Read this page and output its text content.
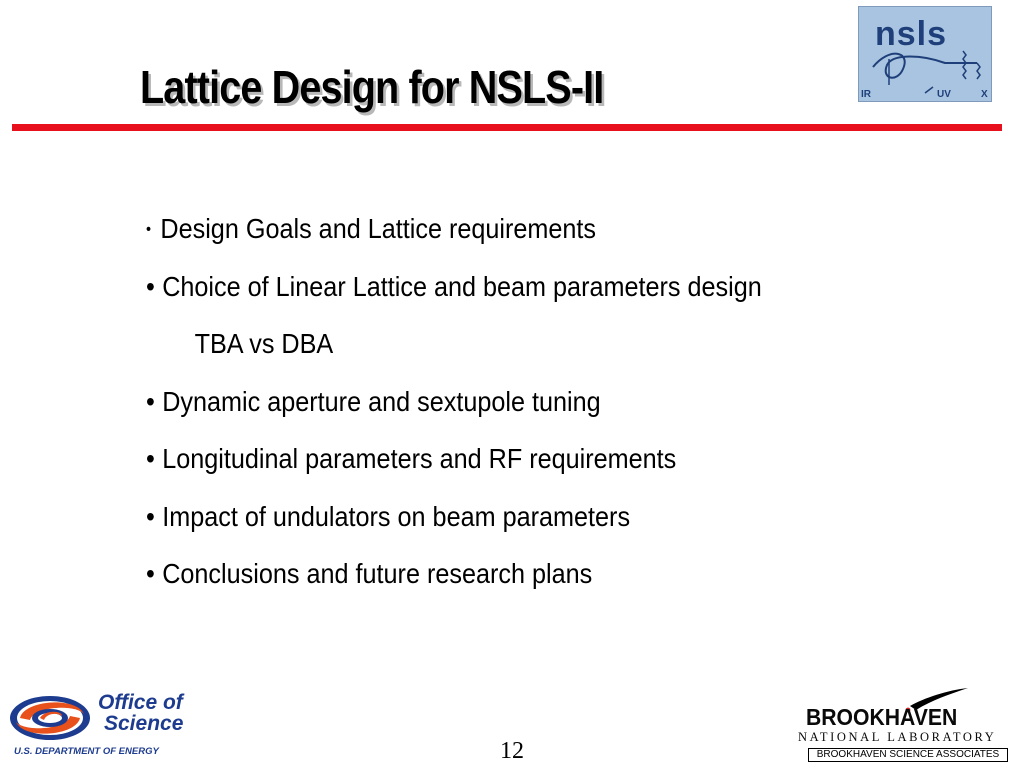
Lattice Design for NSLS-II
nsls
IR	UV	X
• Design Goals and Lattice requirements
• Choice of Linear Lattice and beam parameters design
TBA vs DBA
• Dynamic aperture and sextupole tuning
• Longitudinal parameters and RF requirements
• Impact of undulators on beam parameters
• Conclusions and future research plans
Office of
Science
U.S. DEPARTMENT OF ENERGY	12
BROOKHAVEN
NATIONAL LABORATORY
BROOKHAVEN SCIENCE ASSOCIATES
